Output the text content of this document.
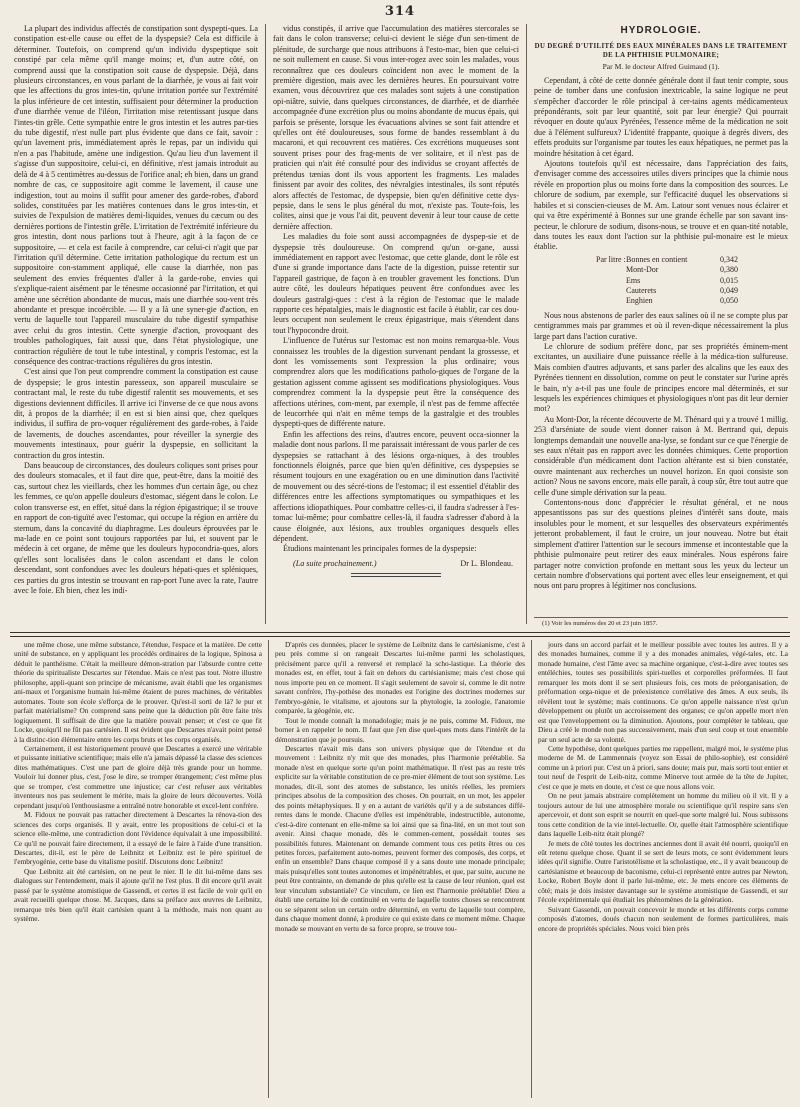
314

La plupart des individus affectés de constipation sont dyspepti-ques. La constipation est-elle cause ou effet de la dyspepsie? Cela est difficile à déterminer. Toutefois, on comprend qu'un individu dyspeptique soit constipé par cela même qu'il mange moins; et, d'un autre côté, on comprend aussi que la constipation soit cause de dyspepsie. Déjà, dans plusieurs circonstances, en vous parlant de la diarrhée, je vous ai fait voir que les affections du gros intes-tin, qu'une irritation portée sur l'extrémité la plus inférieure de cet intestin, suffisaient pour déterminer la production d'une diarrhée venue de l'iléon, l'irritation mise retentissant jusque dans l'intes-tin grêle. Cette sympathie entre le gros intestin et les autres par-ties du tube digestif, n'est nulle part plus évidente que dans ce fait, savoir : qu'un lavement pris, immédiatement après le repas, par un individu qui n'en a pas l'habitude, amène une indigestion. Qu'au lieu d'un lavement il s'agisse d'un suppositoire, celui-ci, en définitive, n'est jamais introduit au delà de 4 à 5 centimètres au-dessus de l'orifice anal; eh bien, dans un grand nombre de cas, ce suppositoire agit comme le lavement, il cause une indigestion, tout au moins il suffit pour amener des garde-robes, d'abord solides, constituées par les matières contenues dans le gros intes-tin, et suivies de l'expulsion de matières demi-liquides, venues du cæcum ou des dernières portions de l'intestin grêle. L'irritation de l'extrémité inférieure du gros intestin, dont nous parlions tout à l'heure, agit à la façon de ce suppositoire, — et cela est facile à comprendre, car celui-ci n'agit que par l'irritation qu'il détermine. Cette irritation pathologique du rectum est un suppositoire con-stamment appliqué, elle cause la diarrhée, non pas seulement des envies fréquentes d'aller à la garde-robe, envies qui s'explique-raient aisément par le ténesme occasionné par l'irritation, et qui amène une sécrétion abondante de mucus, mais une diarrhée sou-vent très abondante et presque incoërcible. — Il y a là une syner-gie d'action, en vertu de laquelle tout l'appareil musculaire du tube digestif sympathise avec celui du gros intestin. Cette synergie d'action, provoquant des troubles pathologiques, fait aussi que, dans l'état physiologique, une contraction régulière de tout le tube intestinal, y compris l'estomac, est la conséquence des contrac-tractions régulières du gros intestin.

C'est ainsi que l'on peut comprendre comment la constipation est cause de dyspepsie; le gros intestin paresseux, son appareil musculaire se contractant mal, le reste du tube digestif ralentit ses mouvements, et ses digestions deviennent difficiles. Il arrive ici l'inverse de ce que nous avons dit, à propos de la diarrhée; il en est si bien ainsi que, chez quelques individus, il suffira de pro-voquer régulièrement des garde-robes, à l'aide de lavements, de douches ascendantes, pour réveiller la synergie des mouvements intestinaux, pour guérir la dyspepsie, en sollicitant la contraction du gros intestin.

Dans beaucoup de circonstances, des douleurs coliques sont prises pour des douleurs stomacales, et il faut dire que, peut-être, dans la moitié des cas, surtout chez les vieillards, chez les hommes d'un certain âge, ou chez les femmes, ce qu'on appelle douleurs d'estomac, siégent dans le colon. Le colon transverse est, en effet, situé dans la région épigastrique; il se trouve en rapport de con-tiguïté avec l'estomac, qui occupe la région en arrière du sternum, dans la concavité du diaphragme. Les douleurs éprouvées par le ma-lade en ce point sont toujours rapportées par lui, et souvent par le médecin à cet organe, de même que les douleurs hypocondria-ques, alors qu'elles sont localisées dans le colon ascendant et dans le colon descendant, sont confondues avec les douleurs hépati-ques et spléniques, ces parties du gros intestin se trouvant en rap-port l'une avec la rate, l'autre avec le foie. Eh bien, chez les indi-

vidus constipés, il arrive que l'accumulation des matières stercorales se fait dans le colon transverse; celui-ci devient le siége d'un sen-timent de plénitude, de surcharge que nous attribuons à l'esto-mac, bien que celui-ci ne soit nullement en cause. Si vous inter-rogez avec soin les malades, vous reconnaîtrez que ces douleurs coïncident non avec le moment de la première digestion, mais avec les dernières heures. En poursuivant votre examen, vous découvrirez que ces malades sont sujets à une constipation opi-niâtre, suivie, dans quelques circonstances, de diarrhée, et de diarrhée accompagnée d'une excrétion plus ou moins abondante de mucus épais, qui parfois se présente, lorsque les évacuations alvines se sont fait attendre et qu'elles ont été douloureuses, sous forme de bandes ressemblant à du macaroni, et qui recouvrent ces matières. Ces excrétions muqueuses sont souvent prises pour des frag-ments de ver solitaire, et il n'est pas de praticien qui n'ait été consulté pour des individus se croyant affectés de prétendus tænias dont ils vous apportent les fragments. Les malades finissent par avoir des colites, des névralgies intestinales, ils sont réputés alors affectés de l'estomac, de dyspepsie, bien qu'en définitive cette dys-pepsie, dans le sens le plus général du mot, n'existe pas. Toute-fois, les colites, ainsi que je vous l'ai dit, peuvent devenir à leur tour cause de cette dernière affection.

Les maladies du foie sont aussi accompagnées de dyspep-sie et de dyspepsie très douloureuse. On comprend qu'un or-gane, aussi immédiatement en rapport avec l'estomac, que cette glande, dont le rôle est d'une si grande importance dans l'acte de la digestion, puisse retentir sur l'appareil gastrique, de façon à en troubler gravement les fonctions. D'un autre côté, les douleurs hépatiques peuvent être confondues avec les douleurs gastralgi-ques : c'est à la région de l'estomac que le malade rapporte ces hépatalgies, mais le diagnostic est facile à établir, car ces dou-leurs occupent non seulement le creux épigastrique, mais s'étendent dans tout l'hypocondre droit.

L'influence de l'utérus sur l'estomac est non moins remarqua-ble. Vous connaissez les troubles de la digestion survenant pendant la grossesse, et dont les vomissements sont l'expression la plus ordinaire; vous comprendrez alors que les modifications patholo-giques de l'organe de la gestation agissent comme agissent ses modifications physiologiques. Vous comprendrez comment la la dyspepsie peut être la conséquence des affections utérines, com-ment, par exemple, il n'est pas de femme affectée de leucorrhée qui n'ait en même temps de la gastralgie et des troubles dyspepti-ques de différente nature.

Enfin les affections des reins, d'autres encore, peuvent occa-sionner la maladie dont nous parlons. Il me paraissait intéressant de vous parler de ces dyspepsies se rattachant à des lésions orga-niques, à des troubles fonctionnels éloignés, parce que bien qu'en définitive, ces dyspepsies se résument toujours en une exagération ou en une diminution dans l'activité de mouvement ou des sécré-tions de l'estomac; il est essentiel d'établir des différences entre les affections symptomatiques ou sympathiques et les affections idiopathiques. Pour combattre celles-ci, il faudra s'adresser à l'es-tomac lui-même; pour combattre celles-là, il faudra s'adresser d'abord à la cause éloignée, aux lésions, aux troubles organiques desquels elles dépendent.

Étudions maintenant les principales formes de la dyspepsie:

(La suite prochainement.)	Dr L. Blondeau.
HYDROLOGIE.
DU DEGRÉ D'UTILITÉ DES EAUX MINÉRALES DANS LE TRAITEMENT
DE LA PHTHISIE PULMONAIRE;
Par M. le docteur Alfred Guimaud (1).

Cependant, à côté de cette donnée générale dont il faut tenir compte, sous peine de tomber dans une confusion inextricable, la saine logique ne peut s'empêcher d'accorder le rôle principal à cer-tains agents médicamenteux prépondérants, soit par leur quantité, soit par leur énergie? Qui pourrait révoquer en doute qu'aux Pyrénées, l'essence même de la médication ne soit due à l'élément sulfureux? L'identité frappante, quoique à degrés divers, des effets produits sur l'organisme par toutes les eaux hépatiques, ne permet pas la moindre hésitation à cet égard.

Ajoutons toutefois qu'il est nécessaire, dans l'appréciation des faits, d'envisager comme des accessoires utiles divers principes que la chimie nous révèle en proportion plus ou moins forte dans la composition des sources. Le chlorure de sodium, par exemple, sur l'efficacité duquel les observations si habiles et si conscien-cieuses de M. Am. Latour sont venues nous éclairer et qui va être expérimenté à Bonnes sur une grande échelle par son savant ins-pecteur, le chlorure de sodium, disons-nous, se trouve et en quan-tité notable, dans toutes les eaux dont l'action sur la phthisie pul-monaire est le mieux établie.

Par litre : Bonnes en contient	0,342
Mont-Dor	0,380
Ems	0,015
Cauterets	0,049
Enghien	0,050

Nous nous abstenons de parler des eaux salines où il ne se compte plus par centigrammes mais par grammes et où il reven-dique nécessairement la plus large part dans l'action curative.

Le chlorure de sodium préfère donc, par ses propriétés éminem-ment excitantes, un auxiliaire d'une puissance réelle à la médica-tion sulfureuse. Mais combien d'autres adjuvants, et sans parler des alcalins que les eaux des Pyrénées tiennent en dissolution, comme on peut le constater sur l'urine après le bain, n'y a-t-il pas une foule de principes encore mal déterminés, et sur lesquels les expériences chimiques et physiologiques n'ont pas dit leur dernier mot?

Au Mont-Dor, la récente découverte de M. Thénard qui y a trouvé 1 millig. 253 d'arséniate de soude vient donner raison à M. Bertrand qui, depuis longtemps demandait une nouvelle ana-lyse, se fondant sur ce que l'énergie de ses eaux n'était pas en rapport avec les données chimiques. Cette proportion considérable d'un médicament dont l'action altérante est si bien constatée, ouvre maintenant aux recherches un nouvel horizon. En quoi consiste son action? Nous ne savons encore, mais elle paraît, à coup sûr, être tout autre que celle d'une simple dérivation sur la peau.

Contentons-nous donc d'apprécier le résultat général, et ne nous appesantissons pas sur des questions pleines d'intérêt sans doute, mais insolubles pour le moment, et sur lesquelles des observateurs expérimentés jetteront probablement, il faut le croire, un jour nouveau. Notre but était simplement d'attirer l'attention sur le secours immense et incontestable que la phthisie pulmonaire peut retirer des eaux minérales. Nous espérons faire partager notre conviction profonde en mettant sous les yeux du lecteur un certain nombre d'observations qui portent avec elles leur enseignement, et qui nous ont paru propres à légitimer nos conclusions.

(1) Voir les numéros des 20 et 23 juin 1857.

une même chose, une même substance, l'étendue, l'espace et la matière. De cette unité de substance, en y appliquant les procédés ordinaires de la logique, Spinosa a déduit le panthéisme. C'était la meilleure démon-stration par l'absurde contre cette théorie du spiritualiste Descartes sur l'étendue. Mais ce n'est pas tout. Notre illustre philosophe, appli-quant son principe de mécanisme, avait établi que les organismes ani-maux et l'organisme humain lui-même étaient de pures machines, de véritables automates. Toute son école s'efforça de le prouver. Qu'est-il sorti de là? le pur et parfait matérialisme? On comprend sans peine que la déduction pût être faite très logiquement. Il suffisait de dire que la matière pouvait penser; et c'est ce que fit Locke, quoiqu'il ne fût pas cartésien. Il est évident que Descartes n'avait point pensé à la distinc-tion élémentaire entre les corps bruts et les corps organisés.

Certainement, il est historiquement prouvé que Descartes a exercé une véritable et puissante initiative scientifique; mais elle n'a jamais dépassé la classe des sciences dites mathématiques. C'est une part de gloire déjà très grande pour un homme. Vouloir lui donner plus, c'est, j'ose le dire, se tromper étrangement; c'est même plus que se tromper, c'est commettre une injustice; car c'est refuser aux véritables inventeurs nos pas seulement le mérite, mais la gloire de leurs découvertes. Voilà cependant jusqu'où l'enthousiasme a entraîné notre honorable et excel-lent confrère.

M. Fidoux ne pouvait pas rattacher directement à Descartes la rénova-tion des sciences des corps organisés. Il y avait, entre les propositions de celui-ci et la science elle-même, une contradiction dont l'évidence équivalait à une impossibilité. Ce qu'il ne pouvait faire directement, il a essayé de le faire à l'aide d'une transition. Descartes, dit-il, est le père de Leibnitz et Leibnitz est le père spirituel de l'embryogénie, cette base du vitalisme positif. Discutons donc Leibnitz!

Que Leibnitz ait été cartésien, on ne peut le nier. Il le dit lui-même dans ses dialogues sur l'entendement, mais il ajoute qu'il ne l'est plus. Il dit encore qu'il avait passé par le système atomistique de Gassendi, et certes il est facile de voir qu'il en avait recueilli quelque chose. M. Jacques, dans sa préface aux œuvres de Leibnitz, remarque très bien qu'il était cartésien quant à la méthode, mais non quant au système.

D'après ces données, placer le système de Leibnitz dans le cartésianisme, c'est à peu près comme si on rangeait Descartes lui-même parmi les scholastiques, précisément parce qu'il a renversé et remplacé la scho-lastique. La théorie des monades est, en effet, tout à fait en dehors du cartésianisme; mais c'est chose qui nous importe peu en ce moment. Il s'agit seulement de savoir si, comme le dit notre savant confrère, l'hy-pothèse des monades est l'origine des doctrines modernes sur l'embryo-génie, le vitalisme, et ajoutons sur la phytologie, la zoologie, l'anatomie comparée, la géogénie, etc.

Tout le monde connaît la monadologie; mais je ne puis, comme M. Fidoux, me borner à en rappeler le nom. Il faut que j'en dise quel-ques mots dans l'intérêt de la démonstration que je poursuis.

Descartes n'avait mis dans son univers physique que de l'étendue et du mouvement : Leibnitz n'y mit que des monades, plus l'harmonie préétablie. Sa monade n'est en quelque sorte qu'un point mathématique. Il n'est pas au reste très explicite sur la véritable constitution de ce pre-mier élément de tout son système. Les monades, dit-il, sont des atomes de substance, les unités réelles, les premiers principes absolus de la composition des choses. On pourrait, en un mot, les appeler des points métaphysiques. Il y en a autant de variétés qu'il y a de substances diffé-rentes dans le monde. Chacune d'elles est impénétrable, indestructible, autonome, c'est-à-dire contenant en elle-même sa loi ainsi que sa fina-lité, en un mot tout son avenir. Ainsi chaque monade, dès le commen-cement, possédait toutes ses possibilités futures. Maintenant on demande comment tous ces petits êtres ou ces petites forces, parfaitement auto-nomes, peuvent former des composés, des corps, et enfin un ensemble? Dans chaque composé il y a sans doute une monade principale; mais puisqu'elles sont toutes autonomes et impénétrables, et que, par suite, aucune ne peut être contrainte, on demande de plus qu'elle est la cause de leur réunion, quel est leur vinculum substantiale? Ce vinculum, ce lien est l'harmonie préétablie! Dieu a établi une certaine loi de continuité en vertu de laquelle toutes choses se rencontrent ou se séparent selon un certain ordre déterminé, en vertu de laquelle tout compère, dans chaque moment donné, à produire ce qui existe dans ce moment même. Chaque monade se mouvant en vertu de sa force propre, se trouve tou-

jours dans un accord parfait et le meilleur possible avec toutes les autres. Il y a des monades humaines, comme il y a des monades animales, végé-tales, etc. La monade humaine, c'est l'âme avec sa machine organique, c'est-à-dire avec toutes ses entéléchies, toutes ses possibilités spiri-tuelles et corporelles préformées. Il faut remarquer les mots dont il se sert plusieurs fois, ces mots de préorganisation, de préformation orga-nique et de préexistence corrélative des âmes. A eux seuls, ils révèlent tout le système; mais continuons. Ce qu'on appelle naissance n'est qu'un développement ou plutôt un accroissement des organes; ce qu'on appelle mort n'en est que l'enveloppement ou la diminution. Ajoutons, pour compléter le tableau, que Dieu a créé le monde non pas successivement, mais d'un seul coup et tout ensemble par un seul acte de sa volonté.

Cette hypothèse, dont quelques parties me rappellent, malgré moi, le système plus moderne de M. de Lammennais (voyez son Essai de philo-sophie), est considéré comme un à priori pur. C'est un à priori, sans doute; mais pur, mais sorti tout entier et tout neuf de l'esprit de Leib-nitz, comme Minerve tout armée de la tête de Jupiter, c'est ce que je mets en doute, et c'est ce que nous allons voir.

On ne peut jamais abstraire complètement un homme du milieu où il vit. Il y a toujours autour de lui une atmosphère morale ou scientifique qu'il respire sans s'en apercevoir, et dont son esprit se nourrit en quel-que sorte malgré lui. Nous subissons tous cette condition de la vie intel-lectuelle. Or, quelle était l'atmosphère scientifique dans laquelle Leib-nitz était plongé?

Je mets de côté toutes les doctrines anciennes dont il avait été nourri, quoiqu'il en eût retenu quelque chose. Quant il se sert de leurs mots, ce sont évidemment leurs idées qu'il signifie. Outre l'aristotélisme et la scholastique, etc., il y avait beaucoup de cartésianisme et beaucoup de baconisme, celui-ci représenté entre autres par Newton, Locke, Robert Boyle dont il parle lui-même, etc. Je mets encore ces éléments de côté; mais je dois insister davantage sur le système atomistique de Gassendi, et sur l'école expérimentale qui étudiait les phénomènes de la génération.

Suivant Gassendi, on pouvait concevoir le monde et les différents corps comme composés d'atomes, doués chacun non seulement de formes particulières, mais encore de propriétés spéciales. Nous voici bien près
